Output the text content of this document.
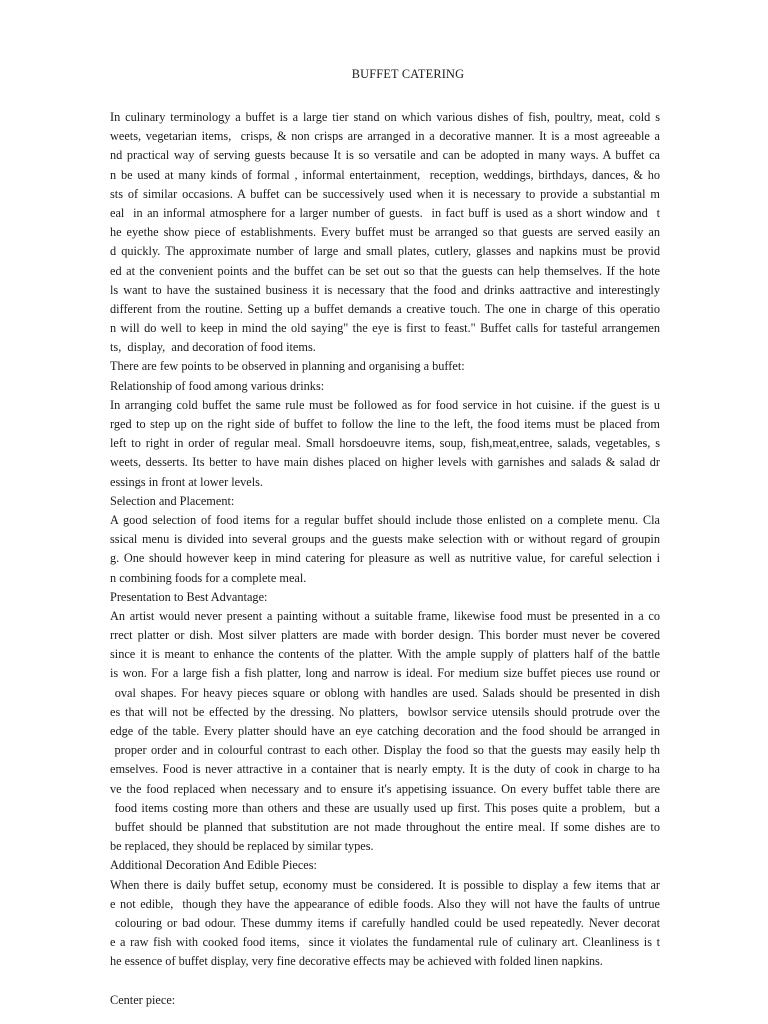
BUFFET CATERING
In culinary terminology a buffet is a large tier stand on which various dishes of fish, poultry, meat, cold s
weets, vegetarian items,  crisps, & non crisps are arranged in a decorative manner. It is a most agreeable a
nd practical way of serving guests because It is so versatile and can be adopted in many ways. A buffet ca
n be used at many kinds of formal , informal entertainment,  reception, weddings, birthdays, dances, & ho
sts of similar occasions. A buffet can be successively used when it is necessary to provide a substantial m
eal  in an informal atmosphere for a larger number of guests.  in fact buff is used as a short window and  t
he eyethe show piece of establishments. Every buffet must be arranged so that guests are served easily an
d quickly. The approximate number of large and small plates, cutlery, glasses and napkins must be provid
ed at the convenient points and the buffet can be set out so that the guests can help themselves. If the hote
ls want to have the sustained business it is necessary that the food and drinks aattractive and interestingly
different from the routine. Setting up a buffet demands a creative touch. The one in charge of this operatio
n will do well to keep in mind the old saying" the eye is first to feast." Buffet calls for tasteful arrangemen
ts,  display,  and decoration of food items.
There are few points to be observed in planning and organising a buffet:
Relationship of food among various drinks:
In arranging cold buffet the same rule must be followed as for food service in hot cuisine. if the guest is u
rged to step up on the right side of buffet to follow the line to the left, the food items must be placed from
left to right in order of regular meal. Small horsdoeuvre items, soup, fish,meat,entree, salads, vegetables, s
weets, desserts. Its better to have main dishes placed on higher levels with garnishes and salads & salad dr
essings in front at lower levels.
Selection and Placement:
A good selection of food items for a regular buffet should include those enlisted on a complete menu. Cla
ssical menu is divided into several groups and the guests make selection with or without regard of groupin
g. One should however keep in mind catering for pleasure as well as nutritive value, for careful selection i
n combining foods for a complete meal.
Presentation to Best Advantage:
An artist would never present a painting without a suitable frame, likewise food must be presented in a co
rrect platter or dish. Most silver platters are made with border design. This border must never be covered
since it is meant to enhance the contents of the platter. With the ample supply of platters half of the battle
is won. For a large fish a fish platter, long and narrow is ideal. For medium size buffet pieces use round or
oval shapes. For heavy pieces square or oblong with handles are used. Salads should be presented in dish
es that will not be effected by the dressing. No platters,  bowlsor service utensils should protrude over the
edge of the table. Every platter should have an eye catching decoration and the food should be arranged in
proper order and in colourful contrast to each other. Display the food so that the guests may easily help th
emselves. Food is never attractive in a container that is nearly empty. It is the duty of cook in charge to ha
ve the food replaced when necessary and to ensure it's appetising issuance. On every buffet table there are
food items costing more than others and these are usually used up first. This poses quite a problem,  but a
buffet should be planned that substitution are not made throughout the entire meal. If some dishes are to
be replaced, they should be replaced by similar types.
Additional Decoration And Edible Pieces:
When there is daily buffet setup, economy must be considered. It is possible to display a few items that ar
e not edible,  though they have the appearance of edible foods. Also they will not have the faults of untrue
colouring or bad odour. These dummy items if carefully handled could be used repeatedly. Never decorat
e a raw fish with cooked food items,  since it violates the fundamental rule of culinary art. Cleanliness is t
he essence of buffet display, very fine decorative effects may be achieved with folded linen napkins.
Center piece:
